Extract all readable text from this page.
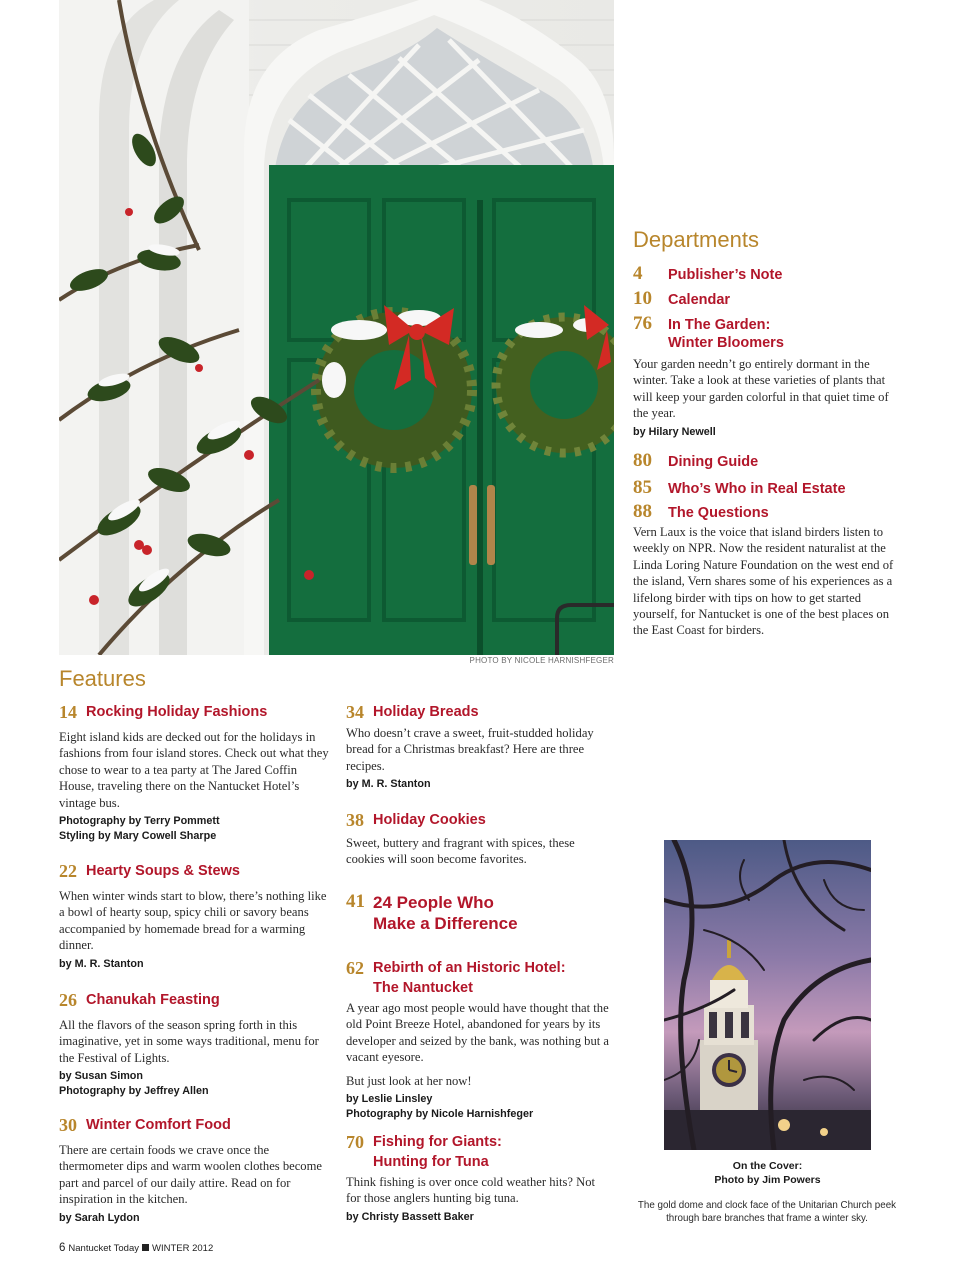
PHOTO BY NICOLE HARNISHFEGER
Departments
4 Publisher’s Note
10 Calendar
76 In The Garden:
Winter Bloomers
Your garden needn’t go entirely dormant in the winter. Take a look at these varieties of plants that will keep your garden colorful in that quiet time of the year.
by Hilary Newell
80 Dining Guide
85 Who’s Who in Real Estate
88 The Questions
Vern Laux is the voice that island birders listen to weekly on NPR. Now the resident naturalist at the Linda Loring Nature Foundation on the west end of the island, Vern shares some of his experiences as a lifelong birder with tips on how to get started yourself, for Nantucket is one of the best places on the East Coast for birders.
Features
14 Rocking Holiday Fashions
Eight island kids are decked out for the holidays in fashions from four island stores. Check out what they chose to wear to a tea party at The Jared Coffin House, traveling there on the Nantucket Hotel’s vintage bus.
Photography by Terry Pommett
Styling by Mary Cowell Sharpe
22 Hearty Soups & Stews
When winter winds start to blow, there’s nothing like a bowl of hearty soup, spicy chili or savory beans accompanied by homemade bread for a warming dinner.
by M. R. Stanton
26 Chanukah Feasting
All the flavors of the season spring forth in this imaginative, yet in some ways traditional, menu for the Festival of Lights.
by Susan Simon
Photography by Jeffrey Allen
30 Winter Comfort Food
There are certain foods we crave once the thermometer dips and warm woolen clothes become part and parcel of our daily attire. Read on for inspiration in the kitchen.
by Sarah Lydon
34 Holiday Breads
Who doesn’t crave a sweet, fruit-studded holiday bread for a Christmas breakfast? Here are three recipes.
by M. R. Stanton
38 Holiday Cookies
Sweet, buttery and fragrant with spices, these cookies will soon become favorites.
41 24 People Who
Make a Difference
62 Rebirth of an Historic Hotel:
The Nantucket
A year ago most people would have thought that the old Point Breeze Hotel, abandoned for years by its developer and seized by the bank, was nothing but a vacant eyesore.
But just look at her now!
by Leslie Linsley
Photography by Nicole Harnishfeger
70 Fishing for Giants:
Hunting for Tuna
Think fishing is over once cold weather hits? Not for those anglers hunting big tuna.
by Christy Bassett Baker
On the Cover:
Photo by Jim Powers
The gold dome and clock face of the Unitarian Church peek through bare branches that frame a winter sky.
6 Nantucket Today WINTER 2012
